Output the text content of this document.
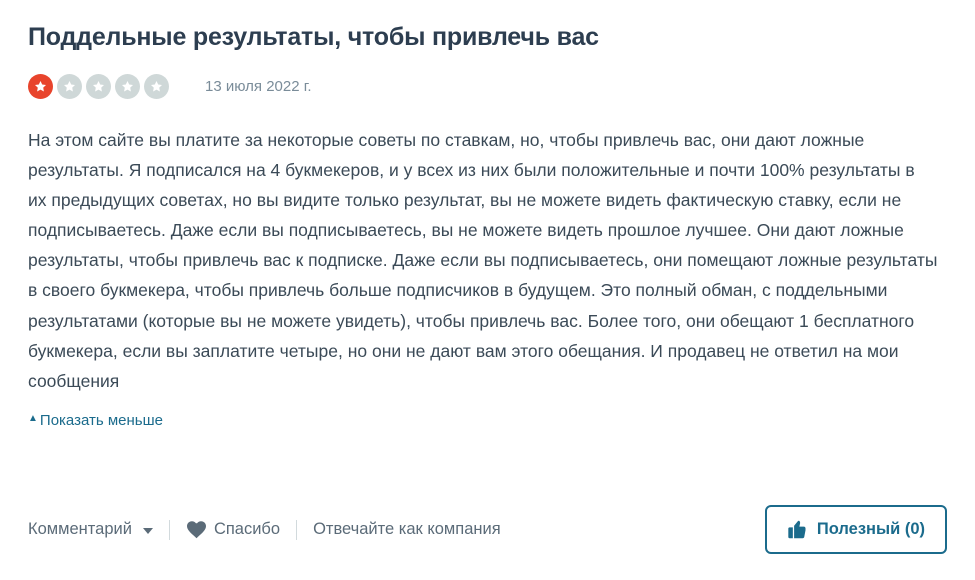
Поддельные результаты, чтобы привлечь вас
13 июля 2022 г.

На этом сайте вы платите за некоторые советы по ставкам, но, чтобы привлечь вас, они дают ложные результаты. Я подписался на 4 букмекеров, и у всех из них были положительные и почти 100% результаты в их предыдущих советах, но вы видите только результат, вы не можете видеть фактическую ставку, если не подписываетесь. Даже если вы подписываетесь, вы не можете видеть прошлое лучшее. Они дают ложные результаты, чтобы привлечь вас к подписке. Даже если вы подписываетесь, они помещают ложные результаты в своего букмекера, чтобы привлечь больше подписчиков в будущем. Это полный обман, с поддельными результатами (которые вы не можете увидеть), чтобы привлечь вас. Более того, они обещают 1 бесплатного букмекера, если вы заплатите четыре, но они не дают вам этого обещания. И продавец не ответил на мои сообщения

▲ Показать меньше
Комментарий	Спасибо Отвечайте как компания	Полезный (0)
